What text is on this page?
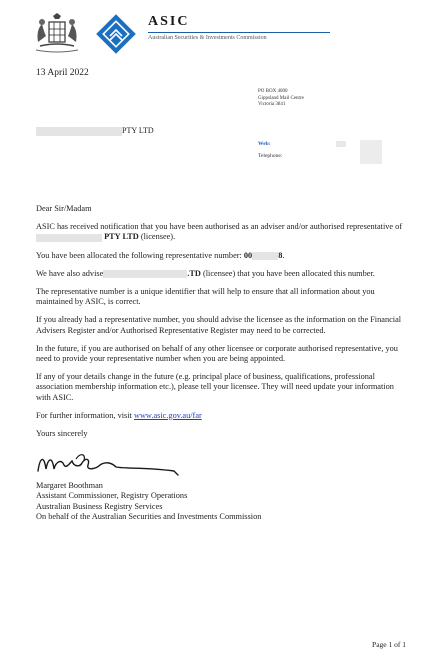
ASIC
Australian Securities & Investments Commission
13 April 2022
PO BOX 4000
Gippsland Mail Centre
Victoria 3841
PTY LTD
Web:
Telephone:

Dear Sir/Madam

ASIC has received notification that you have been authorised as an adviser and/or authorised representative of  PTY LTD (licensee).

You have been allocated the following representative number: 00	8.

We have also advise	.TD (licensee) that you have been allocated this number.

The representative number is a unique identifier that will help to ensure that all information about you maintained by ASIC, is correct.

If you already had a representative number, you should advise the licensee as the information on the Financial Advisers Register and/or Authorised Representative Register may need to be corrected.

In the future, if you are authorised on behalf of any other licensee or corporate authorised representative, you need to provide your representative number when you are being appointed.

If any of your details change in the future (e.g. principal place of business, qualifications, professional association membership information etc.), please tell your licensee. They will need update your information with ASIC.

For further information, visit www.asic.gov.au/far

Yours sincerely

Margaret Boothman
Assistant Commissioner, Registry Operations
Australian Business Registry Services
On behalf of the Australian Securities and Investments Commission
Page 1 of 1
